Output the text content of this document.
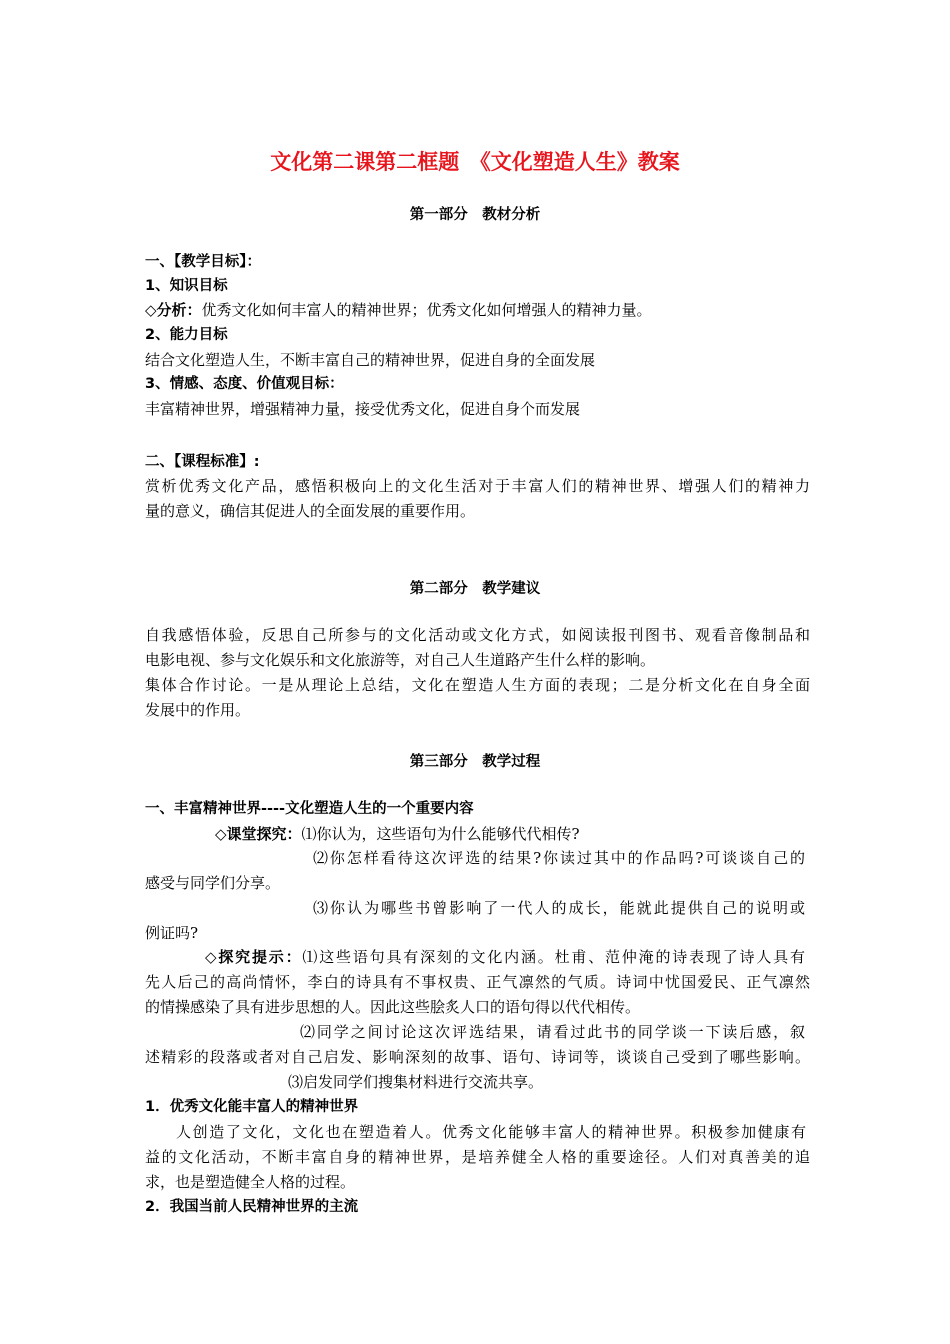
文化第二课第二框题　《文化塑造人生》教案
第一部分　教材分析
一、【教学目标】：
1、知识目标
◇分析：优秀文化如何丰富人的精神世界；优秀文化如何增强人的精神力量。
2、能力目标
结合文化塑造人生，不断丰富自己的精神世界，促进自身的全面发展
3、情感、态度、价值观目标：
丰富精神世界，增强精神力量，接受优秀文化，促进自身个而发展
二、【课程标准】:
赏析优秀文化产品，感悟积极向上的文化生活对于丰富人们的精神世界、增强人们的精神力
量的意义，确信其促进人的全面发展的重要作用。
第二部分　教学建议
自我感悟体验，反思自己所参与的文化活动或文化方式，如阅读报刊图书、观看音像制品和
电影电视、参与文化娱乐和文化旅游等，对自己人生道路产生什么样的影响。
集体合作讨论。一是从理论上总结，文化在塑造人生方面的表现；二是分析文化在自身全面
发展中的作用。
第三部分　教学过程
一、丰富精神世界----文化塑造人生的一个重要内容
◇课堂探究：⑴你认为，这些语句为什么能够代代相传?
⑵你怎样看待这次评选的结果?你读过其中的作品吗?可谈谈自己的
感受与同学们分享。
⑶你认为哪些书曾影响了一代人的成长，能就此提供自己的说明或
例证吗?
◇探究提示：⑴这些语句具有深刻的文化内涵。杜甫、范仲淹的诗表现了诗人具有
先人后己的高尚情怀，李白的诗具有不事权贵、正气凛然的气质。诗词中忧国爱民、正气凛然
的情操感染了具有进步思想的人。因此这些脍炙人口的语句得以代代相传。
⑵同学之间讨论这次评选结果，请看过此书的同学谈一下读后感，叙
述精彩的段落或者对自己启发、影响深刻的故事、语句、诗词等，谈谈自己受到了哪些影响。
⑶启发同学们搜集材料进行交流共享。
1．优秀文化能丰富人的精神世界
人创造了文化，文化也在塑造着人。优秀文化能够丰富人的精神世界。积极参加健康有
益的文化活动，不断丰富自身的精神世界，是培养健全人格的重要途径。人们对真善美的追
求，也是塑造健全人格的过程。
2．我国当前人民精神世界的主流
